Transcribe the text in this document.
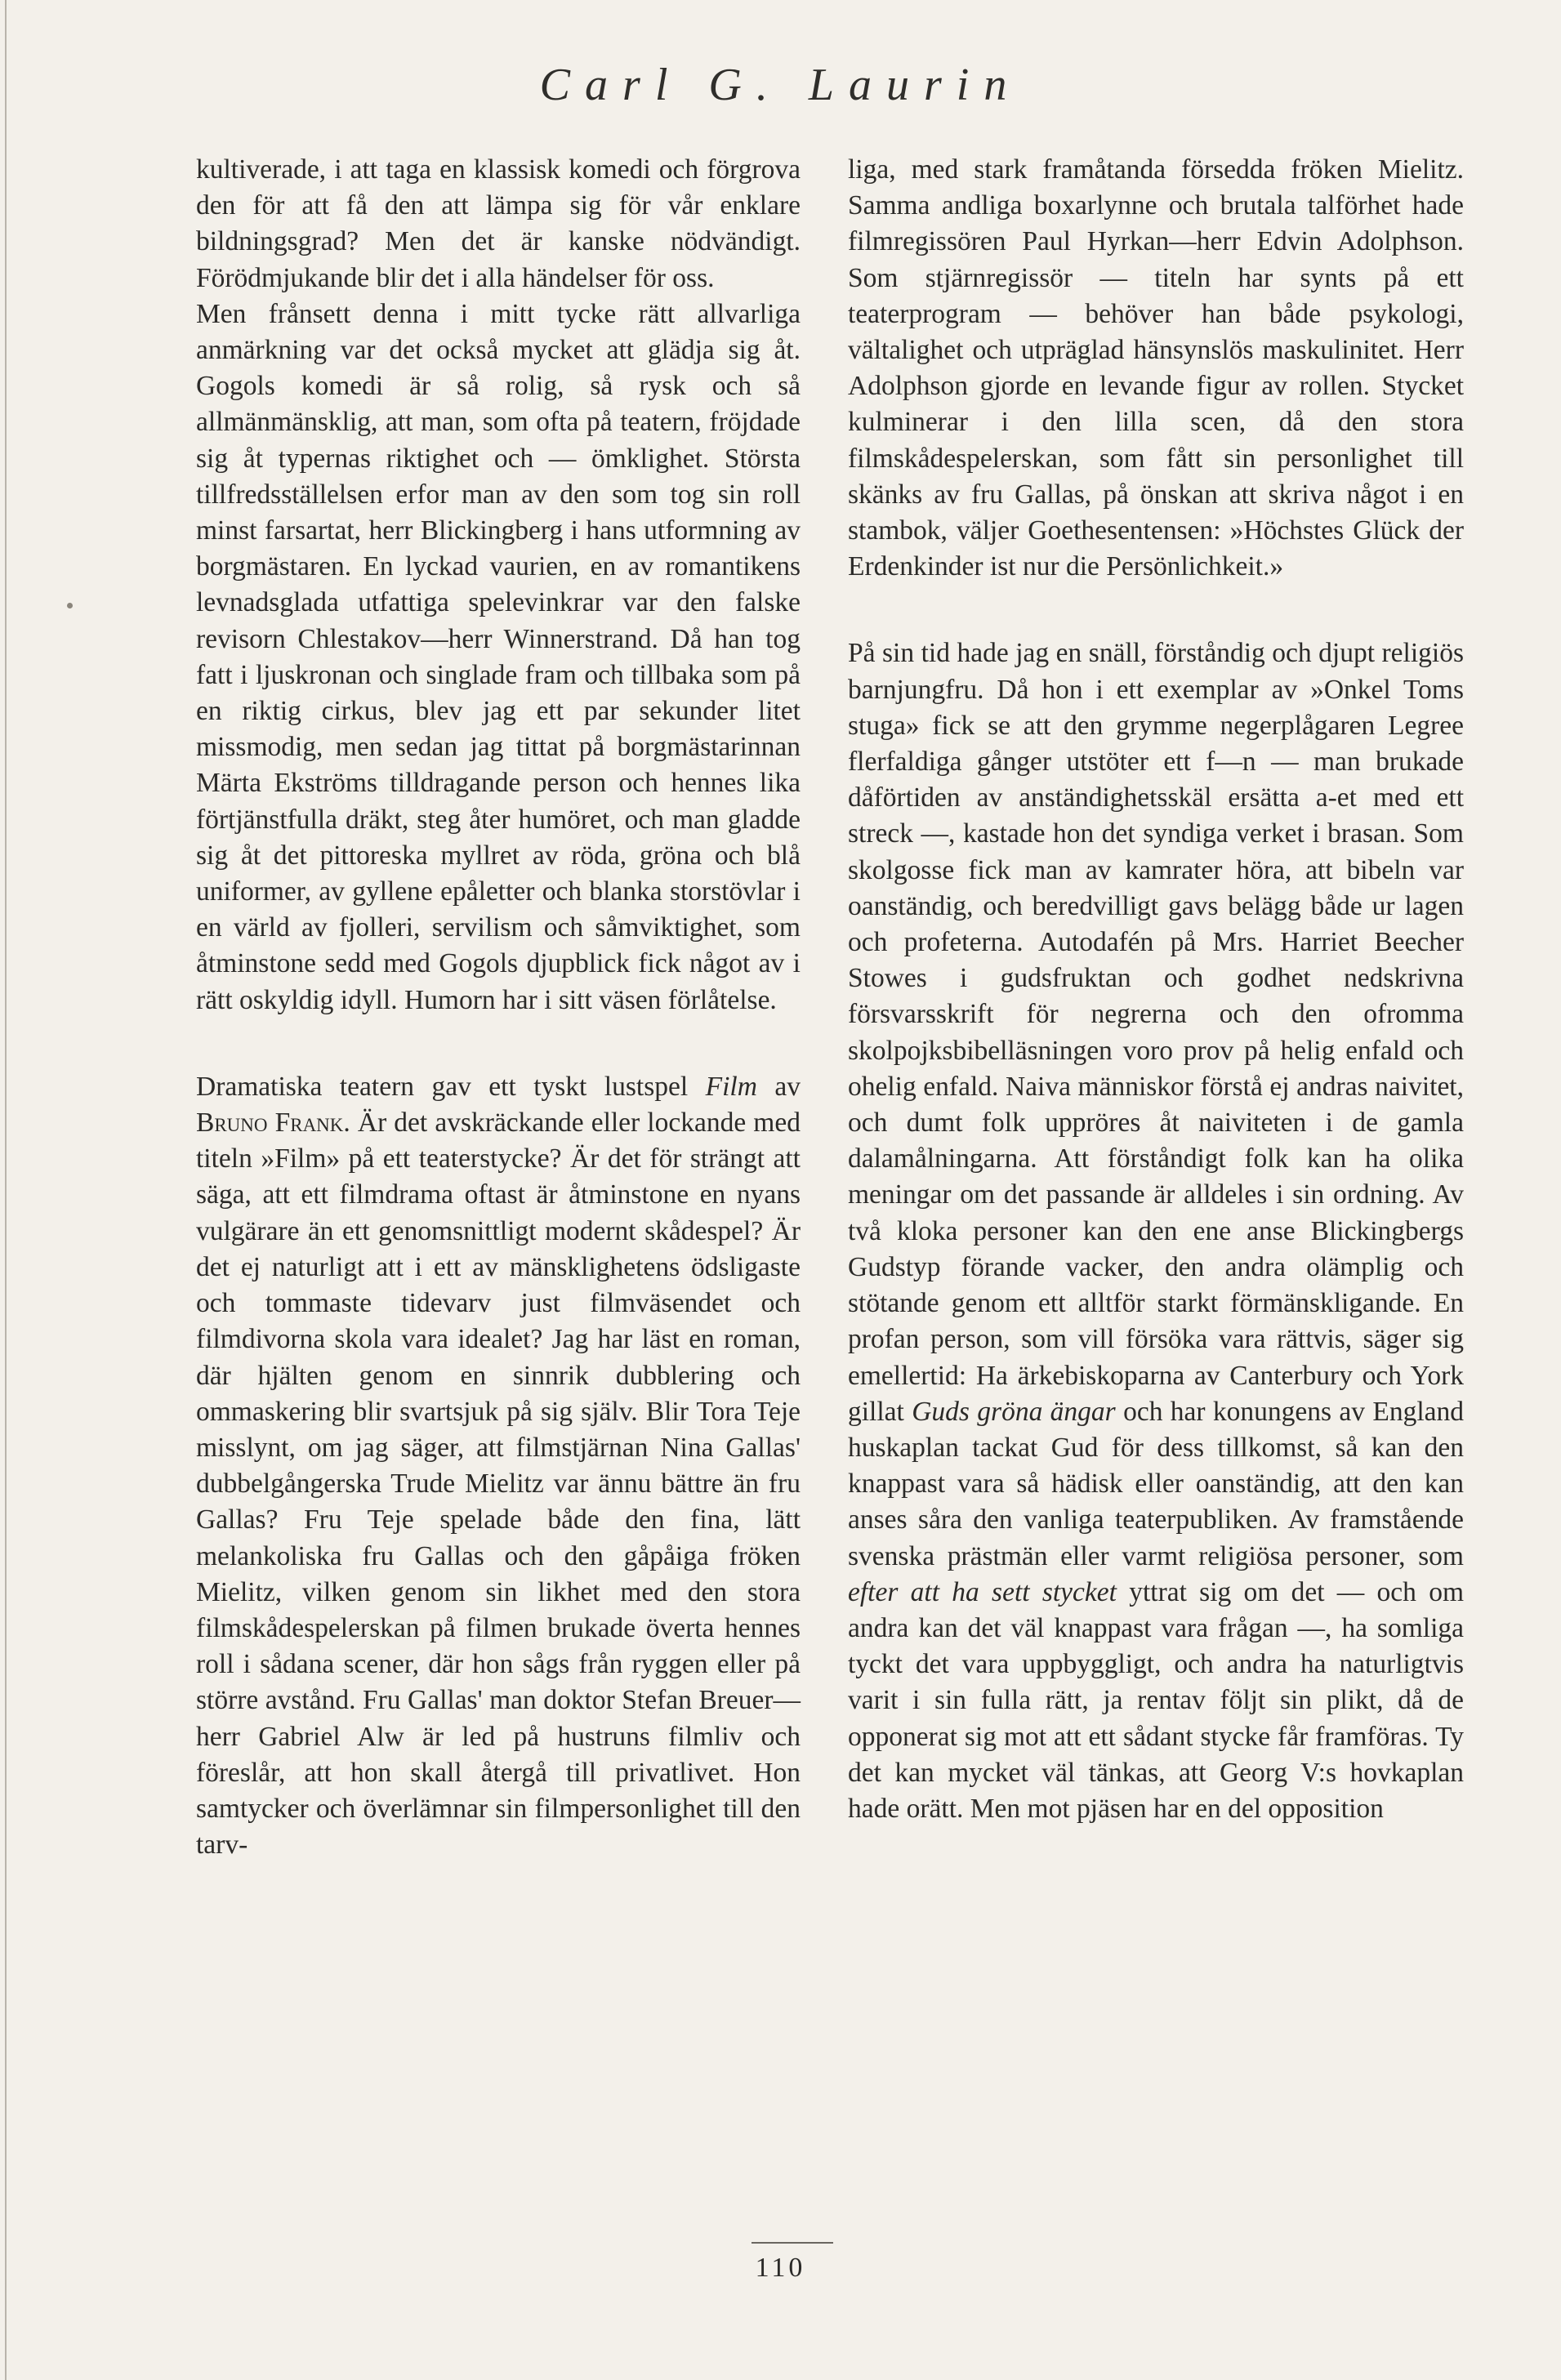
Carl G. Laurin

kultiverade, i att taga en klassisk komedi och förgrova den för att få den att lämpa sig för vår enklare bildningsgrad? Men det är kanske nödvändigt. Förödmjukande blir det i alla händelser för oss.

Men frånsett denna i mitt tycke rätt allvarliga anmärkning var det också mycket att glädja sig åt. Gogols komedi är så rolig, så rysk och så allmänmänsklig, att man, som ofta på teatern, fröjdade sig åt typernas riktighet och — ömklighet. Största tillfredsställelsen erfor man av den som tog sin roll minst farsartat, herr Blickingberg i hans utformning av borgmästaren. En lyckad vaurien, en av romantikens levnadsglada utfattiga spelevinkrar var den falske revisorn Chlestakov—herr Winnerstrand. Då han tog fatt i ljuskronan och singlade fram och tillbaka som på en riktig cirkus, blev jag ett par sekunder litet missmodig, men sedan jag tittat på borgmästarinnan Märta Ekströms tilldragande person och hennes lika förtjänstfulla dräkt, steg åter humöret, och man gladde sig åt det pittoreska myllret av röda, gröna och blå uniformer, av gyllene epåletter och blanka storstövlar i en värld av fjolleri, servilism och såmviktighet, som åtminstone sedd med Gogols djupblick fick något av i rätt oskyldig idyll. Humorn har i sitt väsen förlåtelse.

Dramatiska teatern gav ett tyskt lustspel Film av Bruno Frank. Är det avskräckande eller lockande med titeln »Film» på ett teaterstycke? Är det för strängt att säga, att ett filmdrama oftast är åtminstone en nyans vulgärare än ett genomsnittligt modernt skådespel? Är det ej naturligt att i ett av mänsklighetens ödsligaste och tommaste tidevarv just filmväsendet och filmdivorna skola vara idealet? Jag har läst en roman, där hjälten genom en sinnrik dubblering och ommaskering blir svartsjuk på sig själv. Blir Tora Teje misslynt, om jag säger, att filmstjärnan Nina Gallas' dubbelgångerska Trude Mielitz var ännu bättre än fru Gallas? Fru Teje spelade både den fina, lätt melankoliska fru Gallas och den gåpåiga fröken Mielitz, vilken genom sin likhet med den stora filmskådespelerskan på filmen brukade överta hennes roll i sådana scener, där hon sågs från ryggen eller på större avstånd. Fru Gallas' man doktor Stefan Breuer—herr Gabriel Alw är led på hustruns filmliv och föreslår, att hon skall återgå till privatlivet. Hon samtycker och överlämnar sin filmpersonlighet till den tarv-

liga, med stark framåtanda försedda fröken Mielitz. Samma andliga boxarlynne och brutala talförhet hade filmregissören Paul Hyrkan—herr Edvin Adolphson. Som stjärnregissör — titeln har synts på ett teaterprogram — behöver han både psykologi, vältalighet och utpräglad hänsynslös maskulinitet. Herr Adolphson gjorde en levande figur av rollen. Stycket kulminerar i den lilla scen, då den stora filmskådespelerskan, som fått sin personlighet till skänks av fru Gallas, på önskan att skriva något i en stambok, väljer Goethesentensen: »Höchstes Glück der Erdenkinder ist nur die Persönlichkeit.»

På sin tid hade jag en snäll, förståndig och djupt religiös barnjungfru. Då hon i ett exemplar av »Onkel Toms stuga» fick se att den grymme negerplågaren Legree flerfaldiga gånger utstöter ett f—n — man brukade dåförtiden av anständighetsskäl ersätta a-et med ett streck —, kastade hon det syndiga verket i brasan. Som skolgosse fick man av kamrater höra, att bibeln var oanständig, och beredvilligt gavs belägg både ur lagen och profeterna. Autodafén på Mrs. Harriet Beecher Stowes i gudsfruktan och godhet nedskrivna försvarsskrift för negrerna och den ofromma skolpojksbibelläsningen voro prov på helig enfald och ohelig enfald. Naiva människor förstå ej andras naivitet, och dumt folk uppröres åt naiviteten i de gamla dalamålningarna. Att förståndigt folk kan ha olika meningar om det passande är alldeles i sin ordning. Av två kloka personer kan den ene anse Blickingbergs Gudstyp förande vacker, den andra olämplig och stötande genom ett alltför starkt förmänskligande. En profan person, som vill försöka vara rättvis, säger sig emellertid: Ha ärkebiskoparna av Canterbury och York gillat Guds gröna ängar och har konungens av England huskaplan tackat Gud för dess tillkomst, så kan den knappast vara så hädisk eller oanständig, att den kan anses såra den vanliga teaterpubliken. Av framstående svenska prästmän eller varmt religiösa personer, som efter att ha sett stycket yttrat sig om det — och om andra kan det väl knappast vara frågan —, ha somliga tyckt det vara uppbyggligt, och andra ha naturligtvis varit i sin fulla rätt, ja rentav följt sin plikt, då de opponerat sig mot att ett sådant stycke får framföras. Ty det kan mycket väl tänkas, att Georg V:s hovkaplan hade orätt. Men mot pjäsen har en del opposition

110
